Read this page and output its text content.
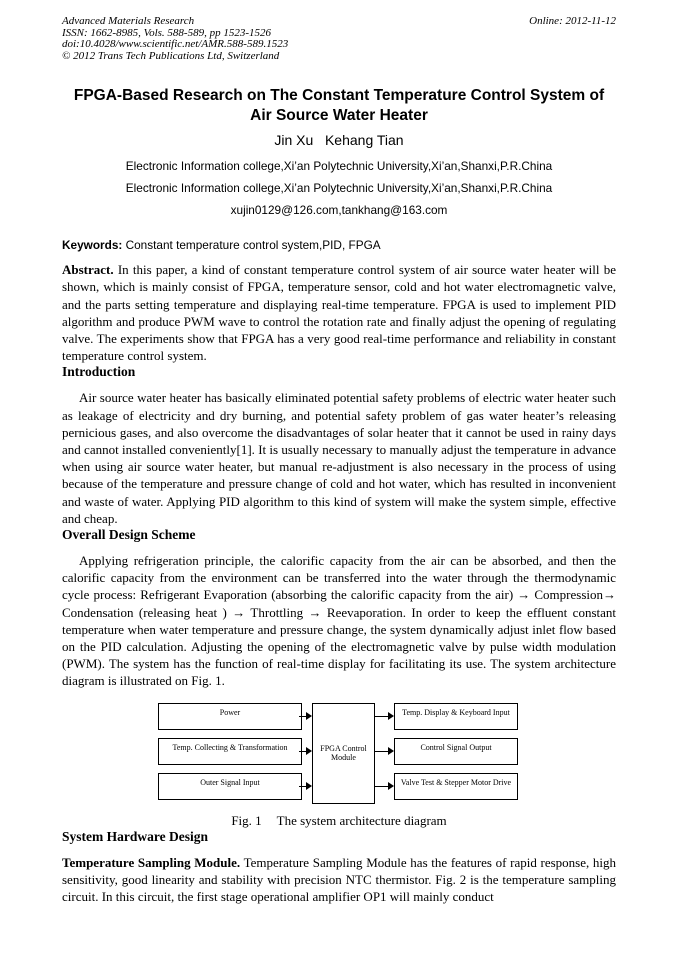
Advanced Materials Research
ISSN: 1662-8985, Vols. 588-589, pp 1523-1526
doi:10.4028/www.scientific.net/AMR.588-589.1523
© 2012 Trans Tech Publications Ltd, Switzerland
Online: 2012-11-12
FPGA-Based Research on The Constant Temperature Control System of Air Source Water Heater
Jin Xu   Kehang Tian
Electronic Information college,Xi’an Polytechnic University,Xi’an,Shanxi,P.R.China
Electronic Information college,Xi’an Polytechnic University,Xi’an,Shanxi,P.R.China
xujin0129@126.com,tankhang@163.com
Keywords: Constant temperature control system,PID, FPGA

Abstract. In this paper, a kind of constant temperature control system of air source water heater will be shown, which is mainly consist of FPGA, temperature sensor, cold and hot water electromagnetic valve, and the parts setting temperature and displaying real-time temperature. FPGA is used to implement PID algorithm and produce PWM wave to control the rotation rate and finally adjust the opening of regulating valve. The experiments show that FPGA has a very good real-time performance and reliability in constant temperature control system.

Introduction

Air source water heater has basically eliminated potential safety problems of electric water heater such as leakage of electricity and dry burning, and potential safety problem of gas water heater’s releasing pernicious gases, and also overcome the disadvantages of solar heater that it cannot be used in rainy days and cannot installed conveniently[1]. It is usually necessary to manually adjust the temperature in advance when using air source water heater, but manual re-adjustment is also necessary in the process of using because of the temperature and pressure change of cold and hot water, which has resulted in inconvenient and waste of water. Applying PID algorithm to this kind of system will make the system simple, effective and cheap.

Overall Design Scheme

Applying refrigeration principle, the calorific capacity from the air can be absorbed, and then the calorific capacity from the environment can be transferred into the water through the thermodynamic cycle process: Refrigerant Evaporation (absorbing the calorific capacity from the air) → Compression→ Condensation (releasing heat ) → Throttling → Reevaporation. In order to keep the effluent constant temperature when water temperature and pressure change, the system dynamically adjust inlet flow based on the PID calculation. Adjusting the opening of the electromagnetic valve by pulse width modulation (PWM). The system has the function of real-time display for facilitating its use. The system architecture diagram is illustrated on Fig. 1.

Power
Temp. Collecting & Transformation
Outer Signal Input
FPGA Control Module
Temp. Display & Keyboard Input
Control Signal Output
Valve Test & Stepper Motor Drive
Fig. 1 The system architecture diagram
System Hardware Design

Temperature Sampling Module. Temperature Sampling Module has the features of rapid response, high sensitivity, good linearity and stability with precision NTC thermistor. Fig. 2 is the temperature sampling circuit. In this circuit, the first stage operational amplifier OP1 will mainly conduct
